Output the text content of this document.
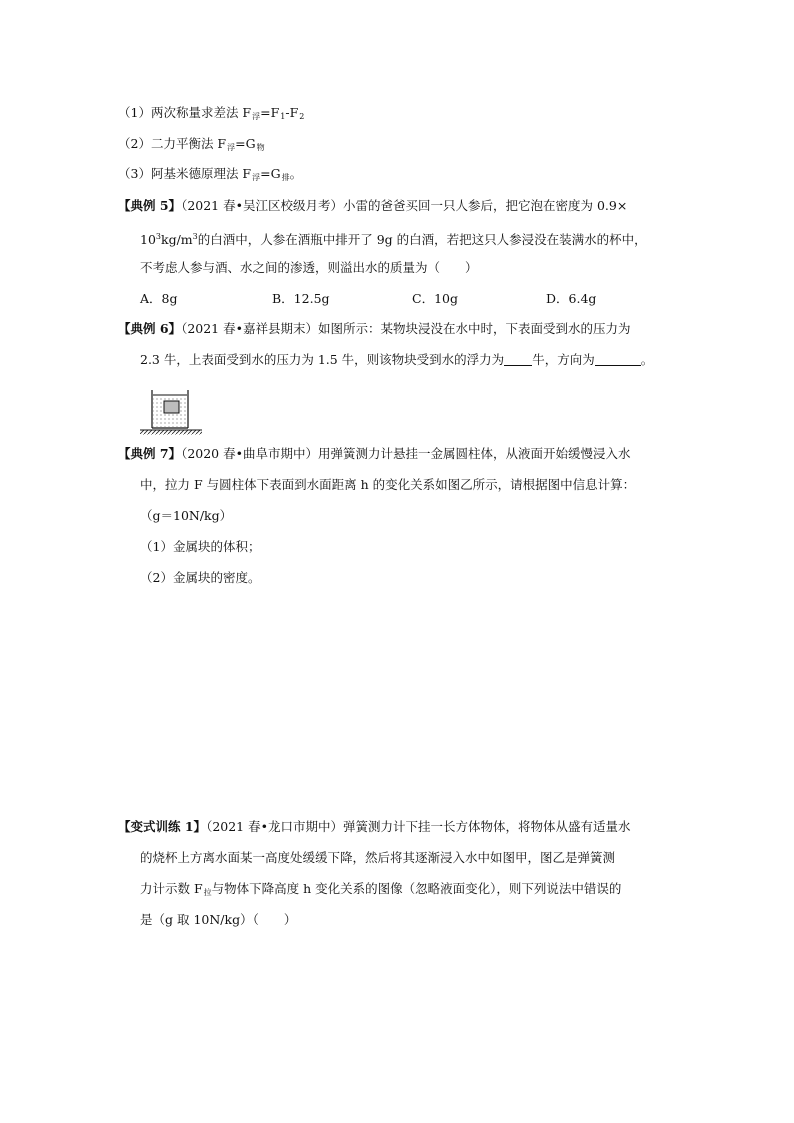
（1）两次称量求差法 $F_浮=F_1-F_2$
（2）二力平衡法 $F_浮=G_物$
（3）阿基米德原理法 $F_浮=G_排$。
【典例 5】（2021 春•吴江区校级月考）小雷的爸爸买回一只人参后，把它泡在密度为 0.9×
$10^3kg/m^3$的白酒中，人参在酒瓶中排开了 9g 的白酒，若把这只人参浸没在装满水的杯中，
不考虑人参与酒、水之间的渗透，则溢出水的质量为（　　）
A．8g	B．12.5g	C．10g	D．6.4g
【典例 6】（2021 春•嘉祥县期末）如图所示：某物块浸没在水中时，下表面受到水的压力为
2.3 牛，上表面受到水的压力为 1.5 牛，则该物块受到水的浮力为 牛，方向为	。
【典例 7】（2020 春•曲阜市期中）用弹簧测力计悬挂一金属圆柱体，从液面开始缓慢浸入水
中，拉力 F 与圆柱体下表面到水面距离 h 的变化关系如图乙所示，请根据图中信息计算：
（g＝10N/kg）
（1）金属块的体积；
（2）金属块的密度。
【变式训练 1】（2021 春•龙口市期中）弹簧测力计下挂一长方体物体，将物体从盛有适量水
的烧杯上方离水面某一高度处缓缓下降，然后将其逐渐浸入水中如图甲，图乙是弹簧测
力计示数 $F_拉$与物体下降高度 h 变化关系的图像（忽略液面变化），则下列说法中错误的
是（g 取 10N/kg）（　　）
